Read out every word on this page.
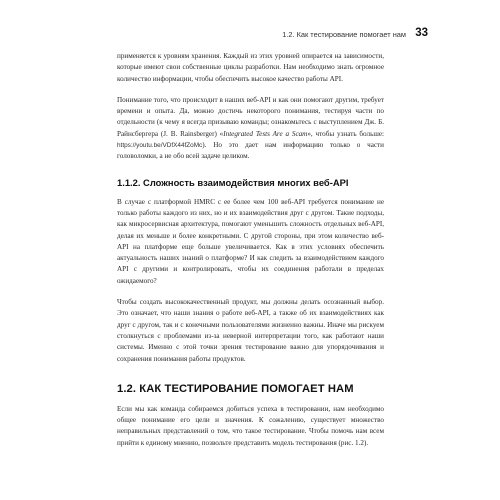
1.2. Как тестирование помогает нам 33

применяется к уровням хранения. Каждый из этих уровней опирается на зависимости, которые имеют свои собственные циклы разработки. Нам необходимо знать огромное количество информации, чтобы обеспечить высокое качество работы API.

Понимание того, что происходит в наших веб-API и как они помогают другим, требует времени и опыта. Да, можно достичь некоторого понимания, тестируя части по отдельности (к чему я всегда призываю команды; ознакомьтесь с выступлением Дж. Б. Райнсбергера (J. B. Rainsberger) «Integrated Tests Are a Scam», чтобы узнать больше: https://youtu.be/VDfX44fZoMc). Но это дает нам информацию только о части головоломки, а не обо всей задаче целиком.

1.1.2. Сложность взаимодействия многих веб-API

В случае с платформой HMRC с ее более чем 100 веб-API требуется понимание не только работы каждого из них, но и их взаимодействия друг с другом. Такие подходы, как микросервисная архитектура, помогают уменьшить сложность отдельных веб-API, делая их меньше и более конкретными. С другой стороны, при этом количество веб-API на платформе еще больше увеличивается. Как в этих условиях обеспечить актуальность наших знаний о платформе? И как следить за взаимодействием каждого API с другими и контролировать, чтобы их соединения работали в пределах ожидаемого?

Чтобы создать высококачественный продукт, мы должны делать осознанный выбор. Это означает, что наши знания о работе веб-API, а также об их взаимодействиях как друг с другом, так и с конечными пользователями жизненно важны. Иначе мы рискуем столкнуться с проблемами из-за неверной интерпретации того, как работают наши системы. Именно с этой точки зрения тестирование важно для упорядочивания и сохранения понимания работы продуктов.

1.2. КАК ТЕСТИРОВАНИЕ ПОМОГАЕТ НАМ

Если мы как команда собираемся добиться успеха в тестировании, нам необходимо общее понимание его цели и значения. К сожалению, существует множество неправильных представлений о том, что такое тестирование. Чтобы помочь нам всем прийти к единому мнению, позвольте представить модель тестирования (рис. 1.2).
